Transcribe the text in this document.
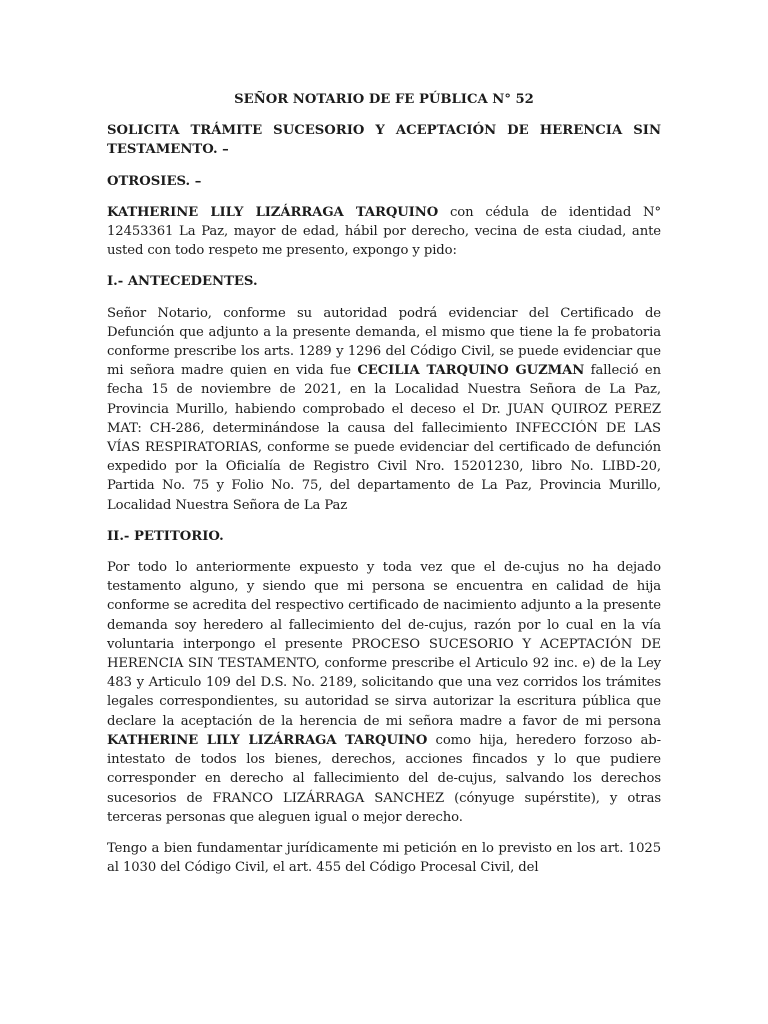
SEÑOR NOTARIO DE FE PÚBLICA N° 52

SOLICITA TRÁMITE SUCESORIO Y ACEPTACIÓN DE HERENCIA SIN TESTAMENTO. –

OTROSIES. –

KATHERINE LILY LIZÁRRAGA TARQUINO con cédula de identidad N° 12453361 La Paz, mayor de edad, hábil por derecho, vecina de esta ciudad, ante usted con todo respeto me presento, expongo y pido:

I.- ANTECEDENTES.

Señor Notario, conforme su autoridad podrá evidenciar del Certificado de Defunción que adjunto a la presente demanda, el mismo que tiene la fe probatoria conforme prescribe los arts. 1289 y 1296 del Código Civil, se puede evidenciar que mi señora madre quien en vida fue CECILIA TARQUINO GUZMAN falleció en fecha 15 de noviembre de 2021, en la Localidad Nuestra Señora de La Paz, Provincia Murillo, habiendo comprobado el deceso el Dr. JUAN QUIROZ PEREZ MAT: CH-286, determinándose la causa del fallecimiento INFECCIÓN DE LAS VÍAS RESPIRATORIAS, conforme se puede evidenciar del certificado de defunción expedido por la Oficialía de Registro Civil Nro. 15201230, libro No. LIBD-20, Partida No. 75 y Folio No. 75, del departamento de La Paz, Provincia Murillo, Localidad Nuestra Señora de La Paz

II.- PETITORIO.

Por todo lo anteriormente expuesto y toda vez que el de-cujus no ha dejado testamento alguno, y siendo que mi persona se encuentra en calidad de hija conforme se acredita del respectivo certificado de nacimiento adjunto a la presente demanda soy heredero al fallecimiento del de-cujus, razón por lo cual en la vía voluntaria interpongo el presente PROCESO SUCESORIO Y ACEPTACIÓN DE HERENCIA SIN TESTAMENTO, conforme prescribe el Articulo 92 inc. e) de la Ley 483 y Articulo 109 del D.S. No. 2189, solicitando que una vez corridos los trámites legales correspondientes, su autoridad se sirva autorizar la escritura pública que declare la aceptación de la herencia de mi señora madre a favor de mi persona KATHERINE LILY LIZÁRRAGA TARQUINO como hija, heredero forzoso ab-intestato de todos los bienes, derechos, acciones fincados y lo que pudiere corresponder en derecho al fallecimiento del de-cujus, salvando los derechos sucesorios de FRANCO LIZÁRRAGA SANCHEZ (cónyuge supérstite), y otras terceras personas que aleguen igual o mejor derecho.

Tengo a bien fundamentar jurídicamente mi petición en lo previsto en los art. 1025 al 1030 del Código Civil, el art. 455 del Código Procesal Civil, del
